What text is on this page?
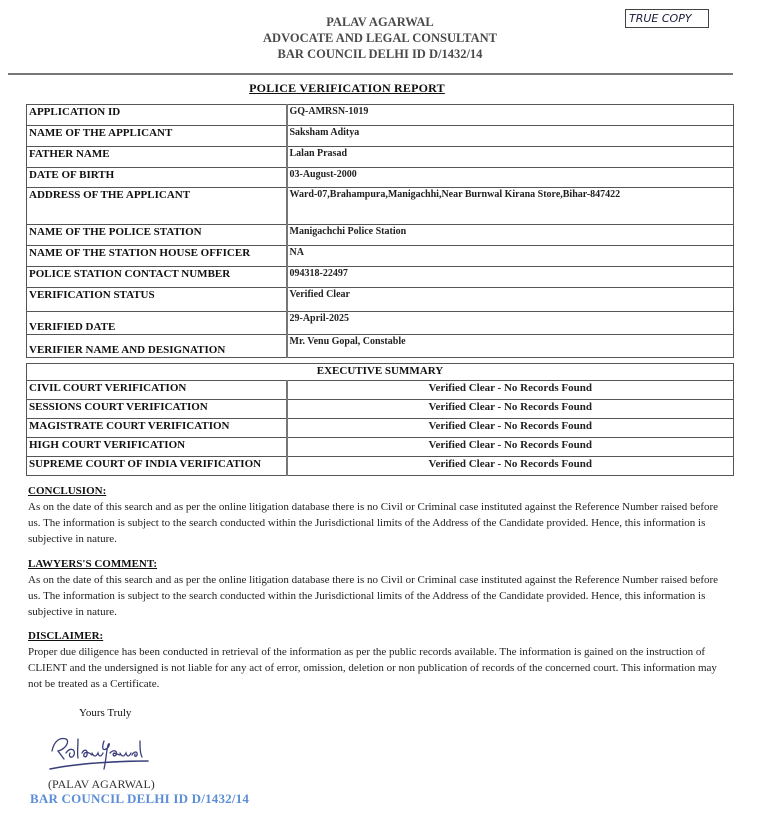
PALAV AGARWAL
ADVOCATE AND LEGAL CONSULTANT
BAR COUNCIL DELHI ID D/1432/14
TRUE COPY
POLICE VERIFICATION REPORT
APPLICATION ID	GQ-AMRSN-1019
NAME OF THE APPLICANT	Saksham Aditya
FATHER NAME	Lalan Prasad
DATE OF BIRTH	03-August-2000
ADDRESS OF THE APPLICANT	Ward-07,Brahampura,Manigachhi,Near Burnwal Kirana Store,Bihar-847422
NAME OF THE POLICE STATION	Manigachchi Police Station
NAME OF THE STATION HOUSE OFFICER	NA
POLICE STATION CONTACT NUMBER	094318-22497
VERIFICATION STATUS	Verified Clear
VERIFIED DATE	29-April-2025
VERIFIER NAME AND DESIGNATION	Mr. Venu Gopal, Constable
EXECUTIVE SUMMARY	
CIVIL COURT VERIFICATION	Verified Clear - No Records Found
SESSIONS COURT VERIFICATION	Verified Clear - No Records Found
MAGISTRATE COURT VERIFICATION	Verified Clear - No Records Found
HIGH COURT VERIFICATION	Verified Clear - No Records Found
SUPREME COURT OF INDIA VERIFICATION	Verified Clear - No Records Found
CONCLUSION:
As on the date of this search and as per the online litigation database there is no Civil or Criminal case instituted against the Reference Number raised before us. The information is subject to the search conducted within the Jurisdictional limits of the Address of the Candidate provided. Hence, this information is subjective in nature.
LAWYERS'S COMMENT:
As on the date of this search and as per the online litigation database there is no Civil or Criminal case instituted against the Reference Number raised before us. The information is subject to the search conducted within the Jurisdictional limits of the Address of the Candidate provided. Hence, this information is subjective in nature.
DISCLAIMER:
Proper due diligence has been conducted in retrieval of the information as per the public records available. The information is gained on the instruction of CLIENT and the undersigned is not liable for any act of error, omission, deletion or non publication of records of the concerned court. This information may not be treated as a Certificate.
Yours Truly
(PALAV AGARWAL)
BAR COUNCIL DELHI ID D/1432/14
